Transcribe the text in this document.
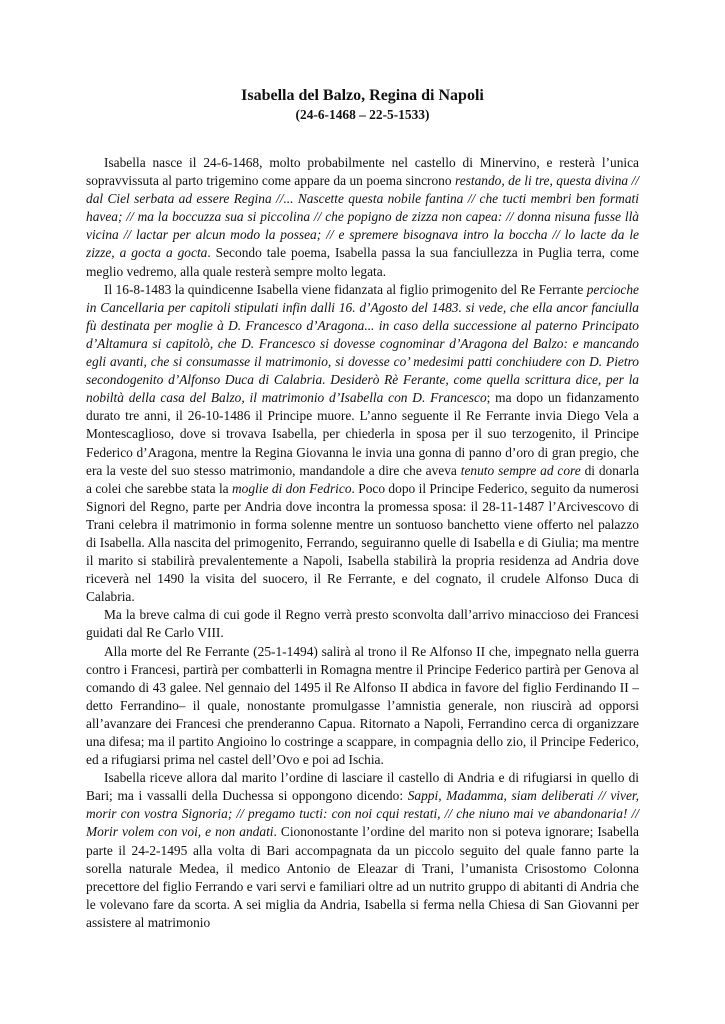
Isabella del Balzo, Regina di Napoli
(24-6-1468 – 22-5-1533)

Isabella nasce il 24-6-1468, molto probabilmente nel castello di Minervino, e resterà l’unica sopravvissuta al parto trigemino come appare da un poema sincrono restando, de li tre, questa divina // dal Ciel serbata ad essere Regina //... Nascette questa nobile fantina // che tucti membri ben formati havea; // ma la boccuzza sua si piccolina // che popigno de zizza non capea: // donna nisuna fusse llà vicina // lactar per alcun modo la possea; // e spremere bisognava intro la boccha // lo lacte da le zizze, a gocta a gocta. Secondo tale poema, Isabella passa la sua fanciullezza in Puglia terra, come meglio vedremo, alla quale resterà sempre molto legata.

Il 16-8-1483 la quindicenne Isabella viene fidanzata al figlio primogenito del Re Ferrante percioche in Cancellaria per capitoli stipulati infin dalli 16. d’Agosto del 1483. si vede, che ella ancor fanciulla fù destinata per moglie à D. Francesco d’Aragona... in caso della successione al paterno Principato d’Altamura si capitolò, che D. Francesco si dovesse cognominar d’Aragona del Balzo: e mancando egli avanti, che si consumasse il matrimonio, si dovesse co’ medesimi patti conchiudere con D. Pietro secondogenito d’Alfonso Duca di Calabria. Desiderò Rè Ferante, come quella scrittura dice, per la nobiltà della casa del Balzo, il matrimonio d’Isabella con D. Francesco; ma dopo un fidanzamento durato tre anni, il 26-10-1486 il Principe muore. L’anno seguente il Re Ferrante invia Diego Vela a Montescaglioso, dove si trovava Isabella, per chiederla in sposa per il suo terzogenito, il Principe Federico d’Aragona, mentre la Regina Giovanna le invia una gonna di panno d’oro di gran pregio, che era la veste del suo stesso matrimonio, mandandole a dire che aveva tenuto sempre ad core di donarla a colei che sarebbe stata la moglie di don Fedrico. Poco dopo il Principe Federico, seguito da numerosi Signori del Regno, parte per Andria dove incontra la promessa sposa: il 28-11-1487 l’Arcivescovo di Trani celebra il matrimonio in forma solenne mentre un sontuoso banchetto viene offerto nel palazzo di Isabella. Alla nascita del primogenito, Ferrando, seguiranno quelle di Isabella e di Giulia; ma mentre il marito si stabilirà prevalentemente a Napoli, Isabella stabilirà la propria residenza ad Andria dove riceverà nel 1490 la visita del suocero, il Re Ferrante, e del cognato, il crudele Alfonso Duca di Calabria.

Ma la breve calma di cui gode il Regno verrà presto sconvolta dall’arrivo minaccioso dei Francesi guidati dal Re Carlo VIII.

Alla morte del Re Ferrante (25-1-1494) salirà al trono il Re Alfonso II che, impegnato nella guerra contro i Francesi, partirà per combatterli in Romagna mentre il Principe Federico partirà per Genova al comando di 43 galee. Nel gennaio del 1495 il Re Alfonso II abdica in favore del figlio Ferdinando II –detto Ferrandino– il quale, nonostante promulgasse l’amnistia generale, non riuscirà ad opporsi all’avanzare dei Francesi che prenderanno Capua. Ritornato a Napoli, Ferrandino cerca di organizzare una difesa; ma il partito Angioino lo costringe a scappare, in compagnia dello zio, il Principe Federico, ed a rifugiarsi prima nel castel dell’Ovo e poi ad Ischia.

Isabella riceve allora dal marito l’ordine di lasciare il castello di Andria e di rifugiarsi in quello di Bari; ma i vassalli della Duchessa si oppongono dicendo: Sappi, Madamma, siam deliberati // viver, morir con vostra Signoria; // pregamo tucti: con noi cqui restati, // che niuno mai ve abandonaria! // Morir volem con voi, e non andati. Ciononostante l’ordine del marito non si poteva ignorare; Isabella parte il 24-2-1495 alla volta di Bari accompagnata da un piccolo seguito del quale fanno parte la sorella naturale Medea, il medico Antonio de Eleazar di Trani, l’umanista Crisostomo Colonna precettore del figlio Ferrando e vari servi e familiari oltre ad un nutrito gruppo di abitanti di Andria che le volevano fare da scorta. A sei miglia da Andria, Isabella si ferma nella Chiesa di San Giovanni per assistere al matrimonio
